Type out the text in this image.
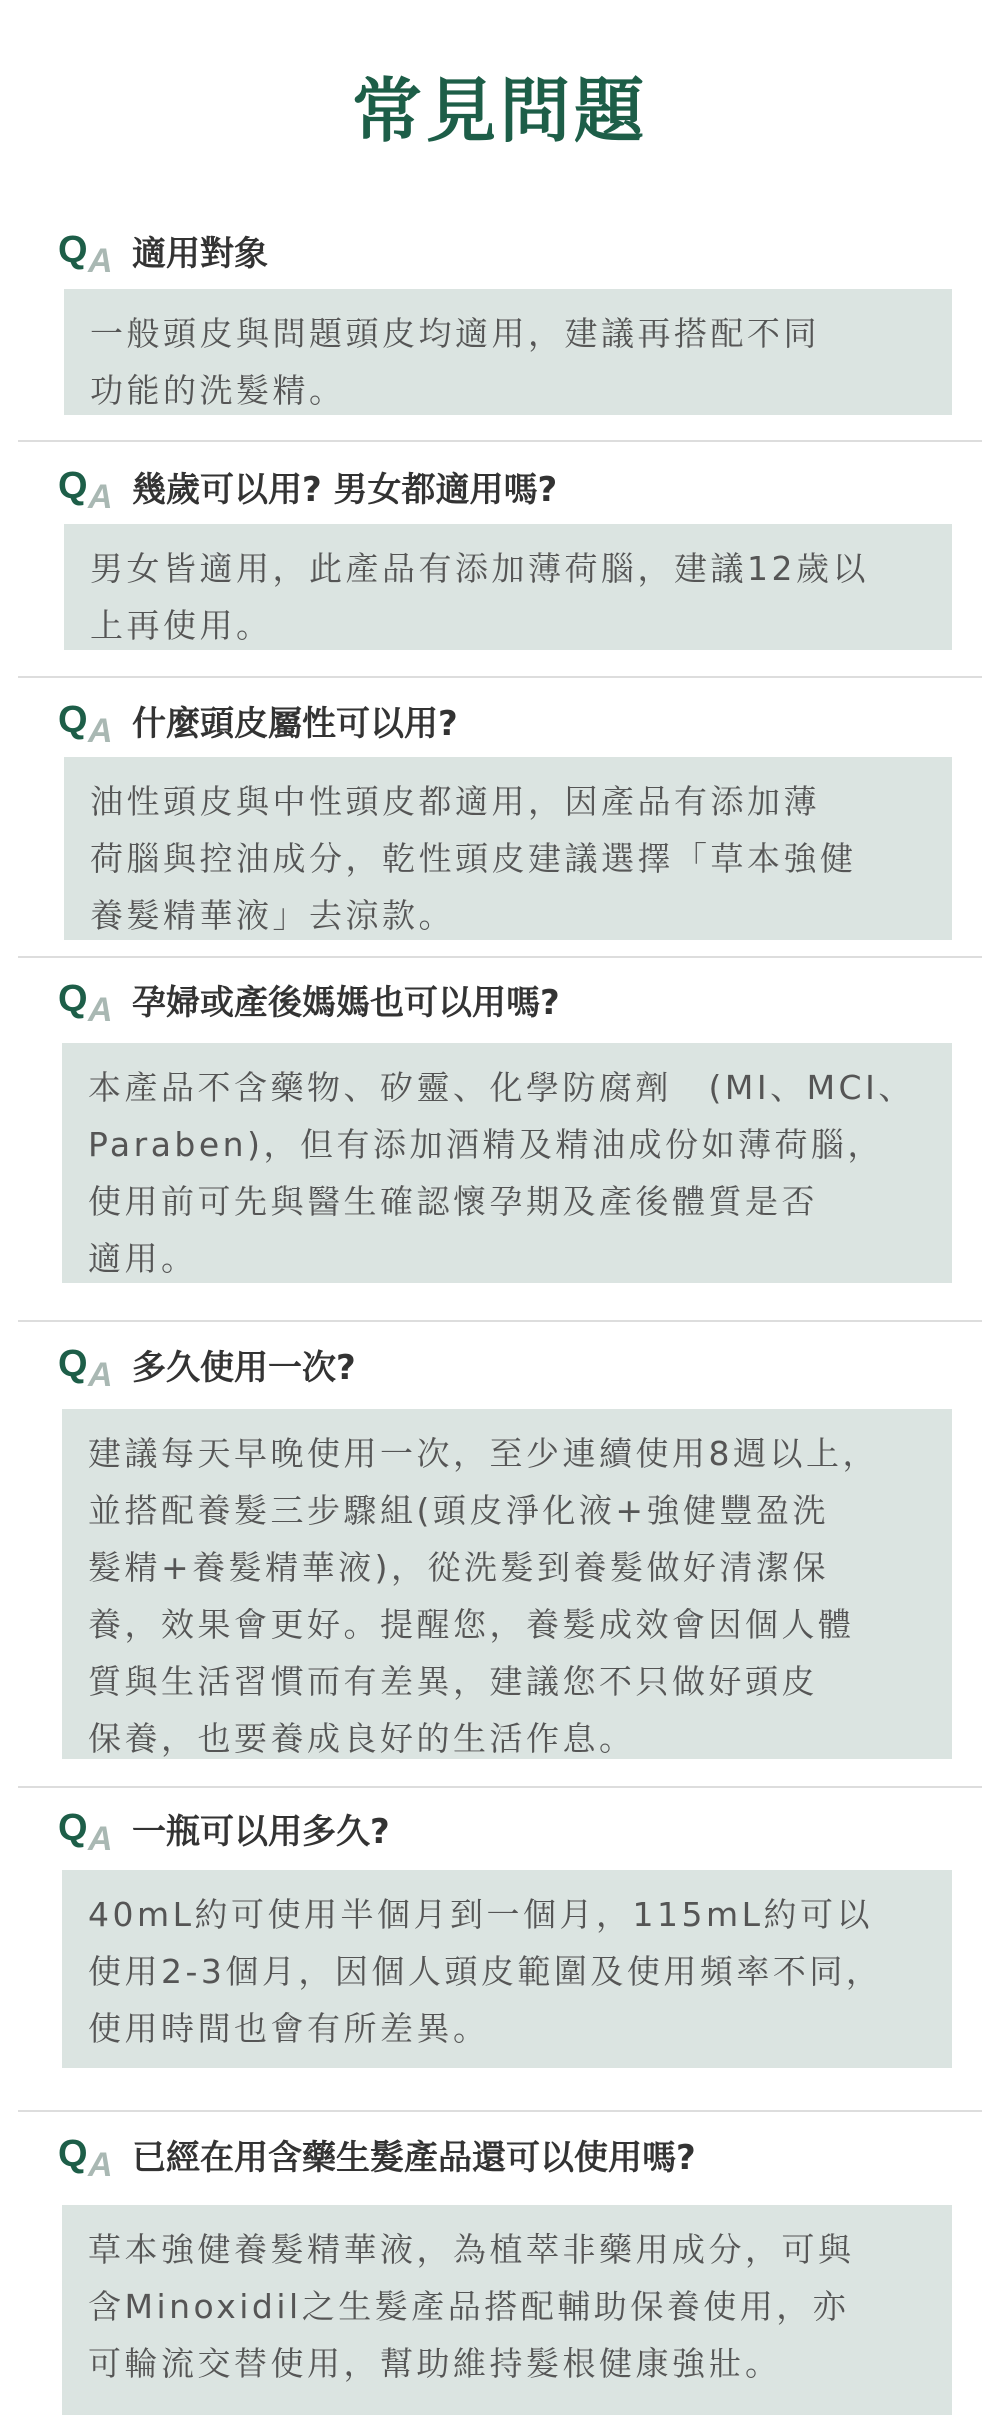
常見問題
Q A 適用對象
一般頭皮與問題頭皮均適用，建議再搭配不同
功能的洗髮精。
Q A 幾歲可以用? 男女都適用嗎?
男女皆適用，此產品有添加薄荷腦，建議12歲以
上再使用。
Q A 什麼頭皮屬性可以用?
油性頭皮與中性頭皮都適用，因產品有添加薄
荷腦與控油成分，乾性頭皮建議選擇「草本強健
養髮精華液」去涼款。
Q A 孕婦或產後媽媽也可以用嗎?
本產品不含藥物、矽靈、化學防腐劑　(MI、MCI、
Paraben)，但有添加酒精及精油成份如薄荷腦，
使用前可先與醫生確認懷孕期及產後體質是否
適用。
Q A 多久使用一次?
建議每天早晚使用一次，至少連續使用8週以上，
並搭配養髮三步驟組(頭皮淨化液+強健豐盈洗
髮精+養髮精華液)，從洗髮到養髮做好清潔保
養，效果會更好。提醒您，養髮成效會因個人體
質與生活習慣而有差異，建議您不只做好頭皮
保養，也要養成良好的生活作息。
Q A 一瓶可以用多久?
40mL約可使用半個月到一個月，115mL約可以
使用2-3個月，因個人頭皮範圍及使用頻率不同，
使用時間也會有所差異。
Q A 已經在用含藥生髮產品還可以使用嗎?
草本強健養髮精華液，為植萃非藥用成分，可與
含Minoxidil之生髮產品搭配輔助保養使用，亦
可輪流交替使用，幫助維持髮根健康強壯。
